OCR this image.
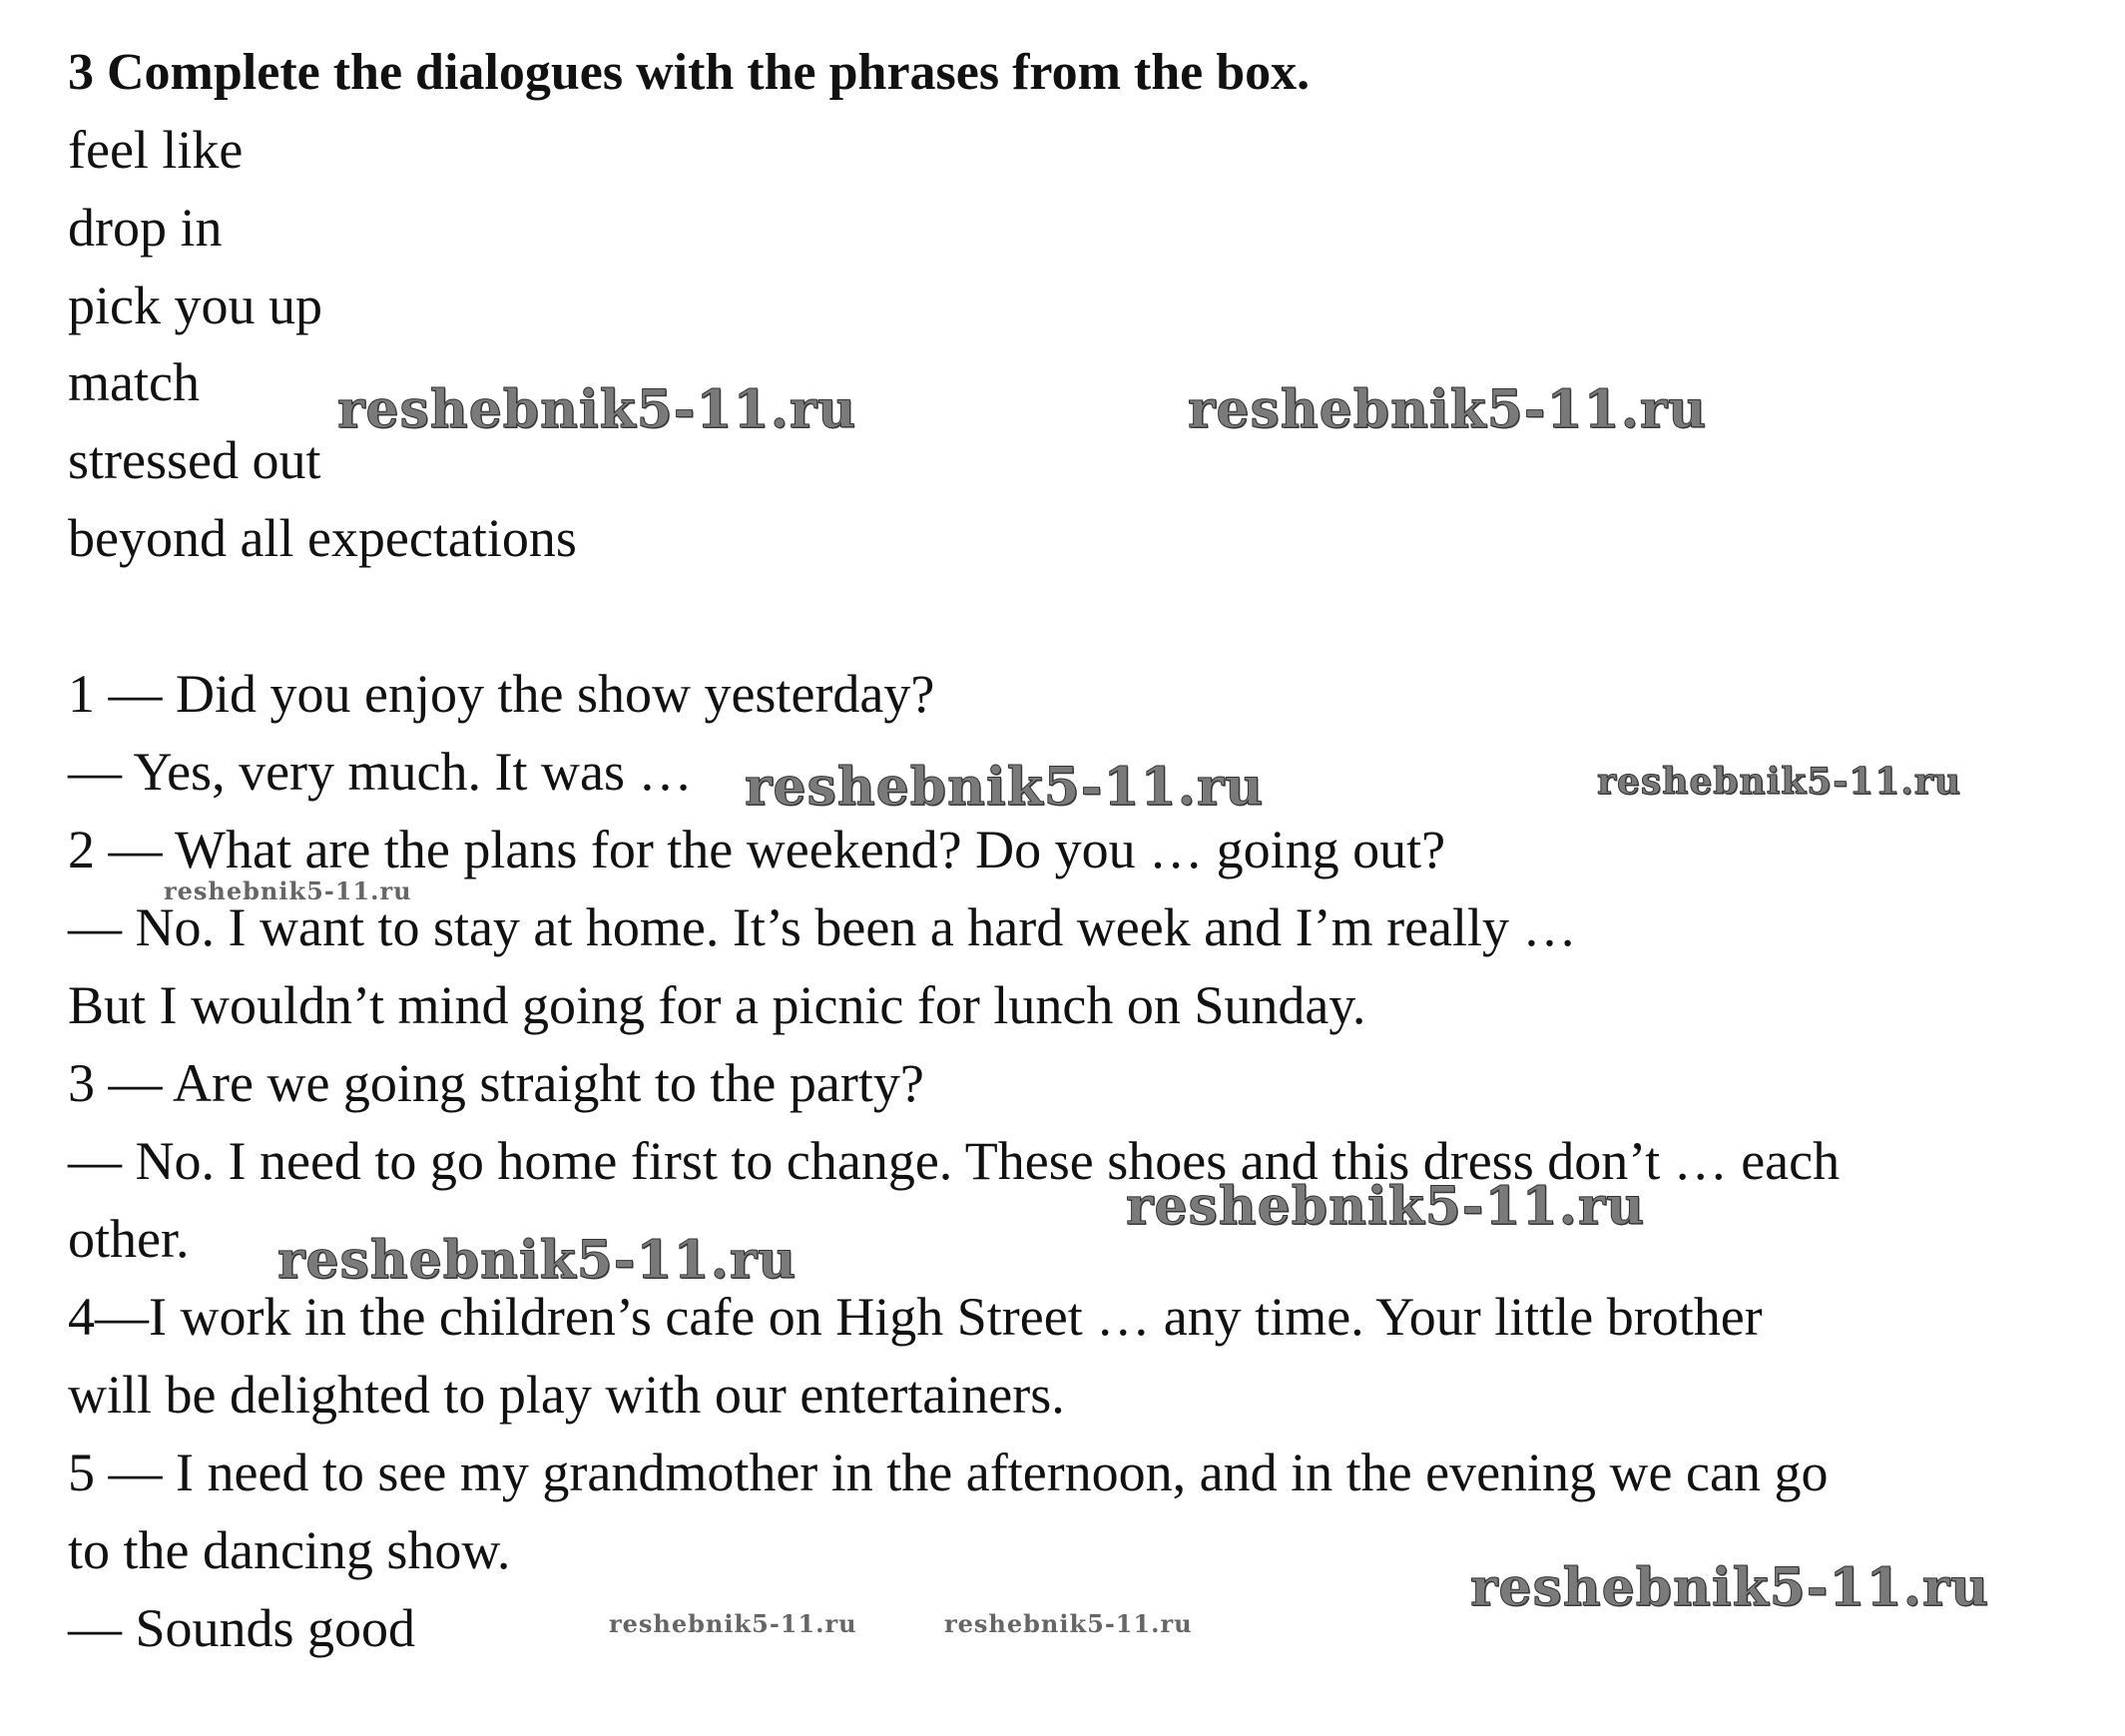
3 Complete the dialogues with the phrases from the box.
feel like
drop in
pick you up
match
stressed out
beyond all expectations
1 — Did you enjoy the show yesterday?
— Yes, very much. It was …
2 — What are the plans for the weekend? Do you … going out?
— No. I want to stay at home. It’s been a hard week and I’m really …
But I wouldn’t mind going for a picnic for lunch on Sunday.
3 — Are we going straight to the party?
— No. I need to go home first to change. These shoes and this dress don’t … each
other.
4—I work in the children’s cafe on High Street … any time. Your little brother
will be delighted to play with our entertainers.
5 — I need to see my grandmother in the afternoon, and in the evening we can go
to the dancing show.
— Sounds good
reshebnik5-11.ru	reshebnik5-11.ru
reshebnik5-11.ru	reshebnik5-11.ru
reshebnik5-11.ru
reshebnik5-11.ru
reshebnik5-11.ru
reshebnik5-11.ru
reshebnik5-11.ru	reshebnik5-11.ru
